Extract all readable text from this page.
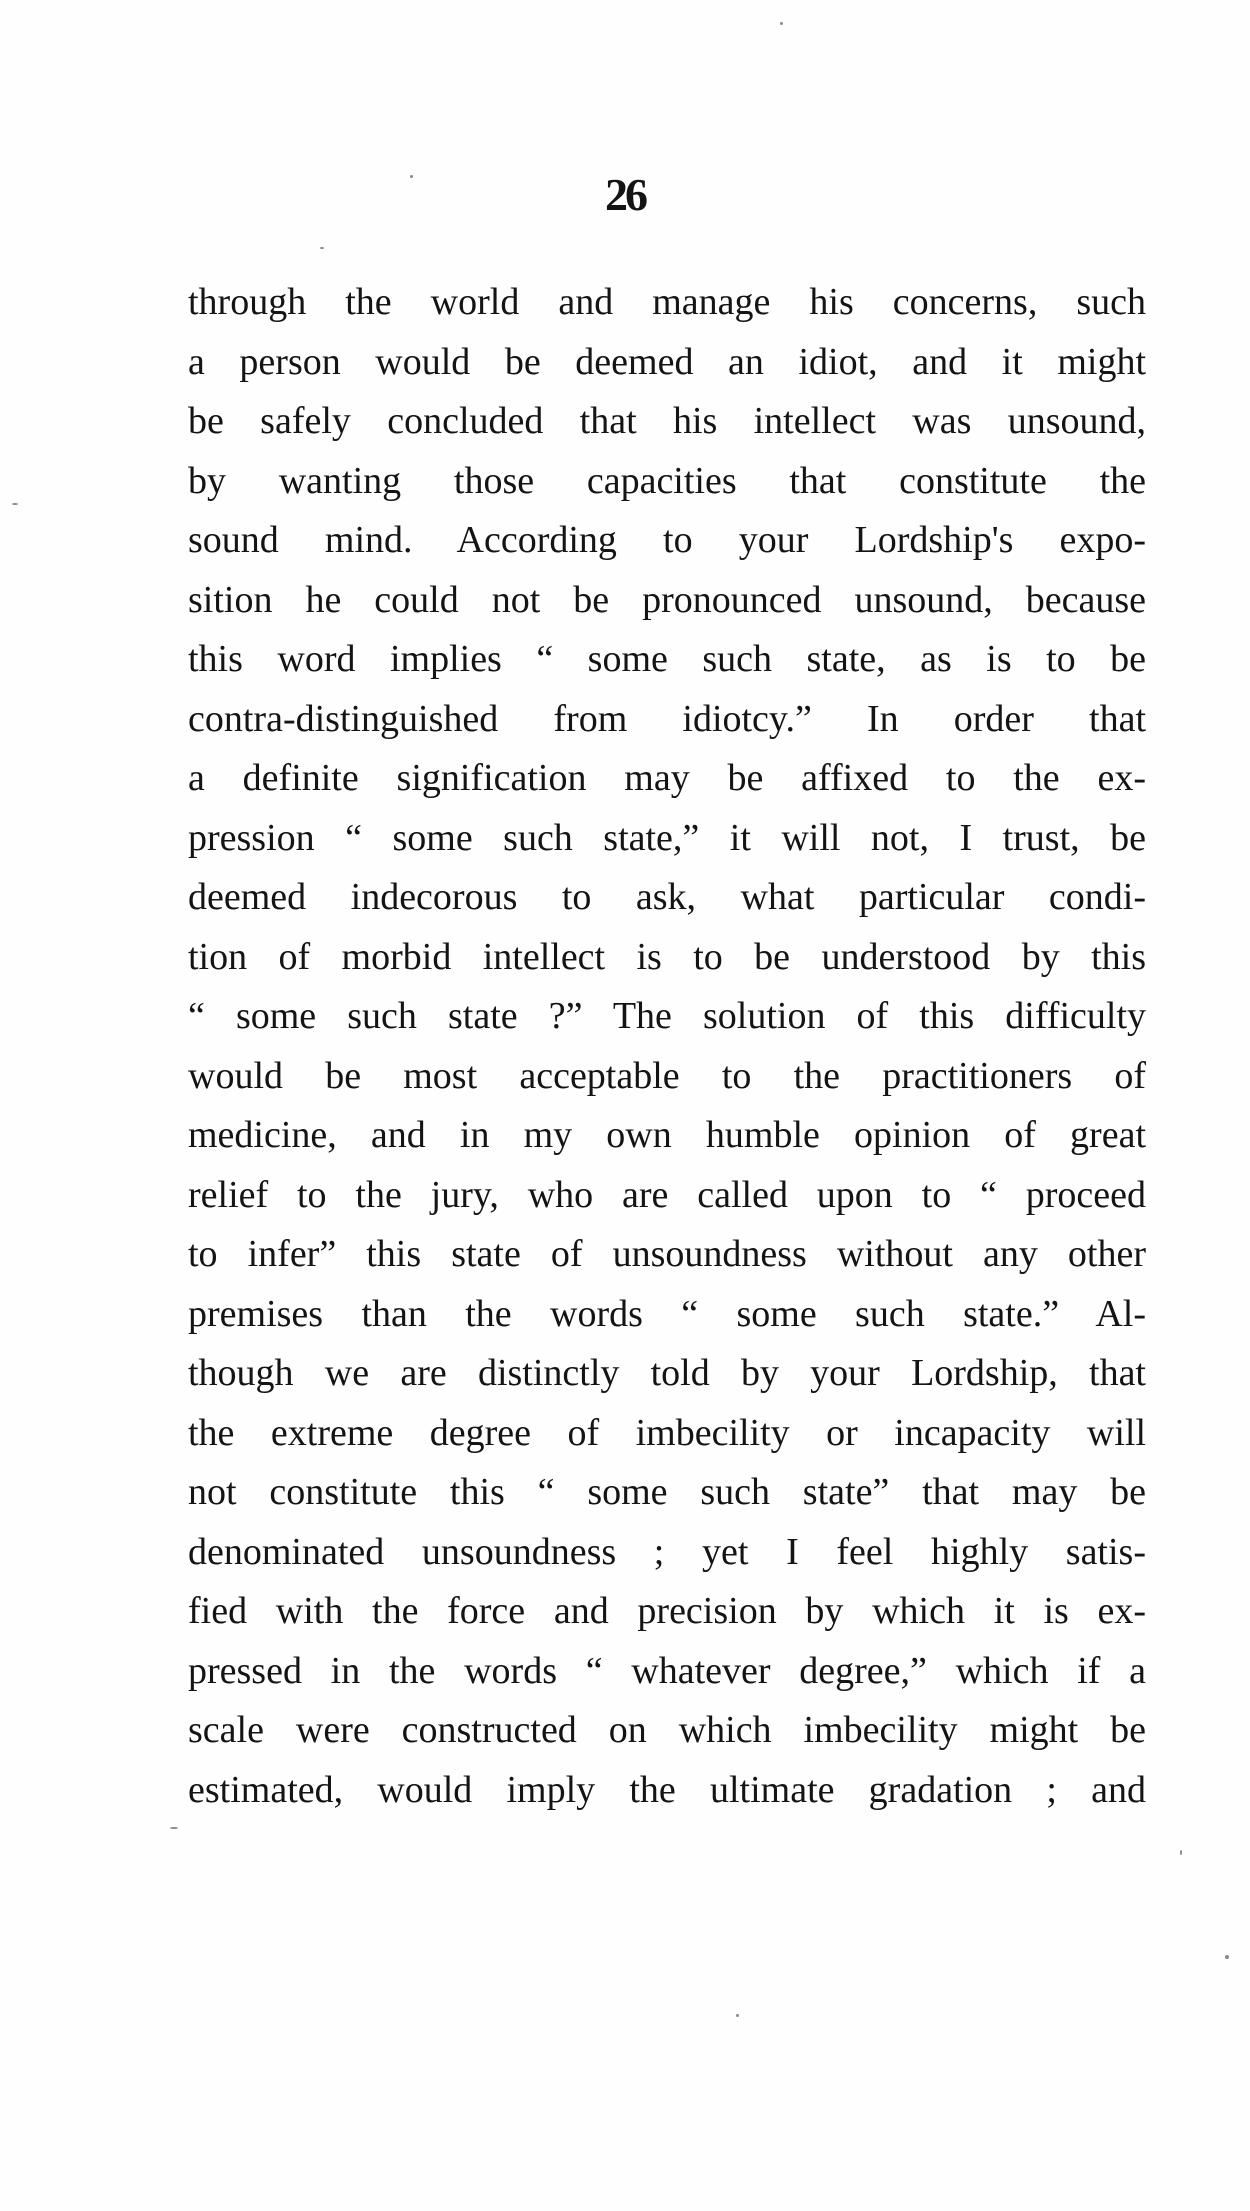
26
through the world and manage his concerns, such
a person would be deemed an idiot, and it might
be safely concluded that his intellect was unsound,
by wanting those capacities that constitute the
sound mind. According to your Lordship's expo-
sition he could not be pronounced unsound, because
this word implies “ some such state, as is to be
contra-distinguished from idiotcy.” In order that
a definite signification may be affixed to the ex-
pression “ some such state,” it will not, I trust, be
deemed indecorous to ask, what particular condi-
tion of morbid intellect is to be understood by this
“ some such state ?” The solution of this difficulty
would be most acceptable to the practitioners of
medicine, and in my own humble opinion of great
relief to the jury, who are called upon to “ proceed
to infer” this state of unsoundness without any other
premises than the words “ some such state.” Al-
though we are distinctly told by your Lordship, that
the extreme degree of imbecility or incapacity will
not constitute this “ some such state” that may be
denominated unsoundness ; yet I feel highly satis-
fied with the force and precision by which it is ex-
pressed in the words “ whatever degree,” which if a
scale were constructed on which imbecility might be
estimated, would imply the ultimate gradation ; and
